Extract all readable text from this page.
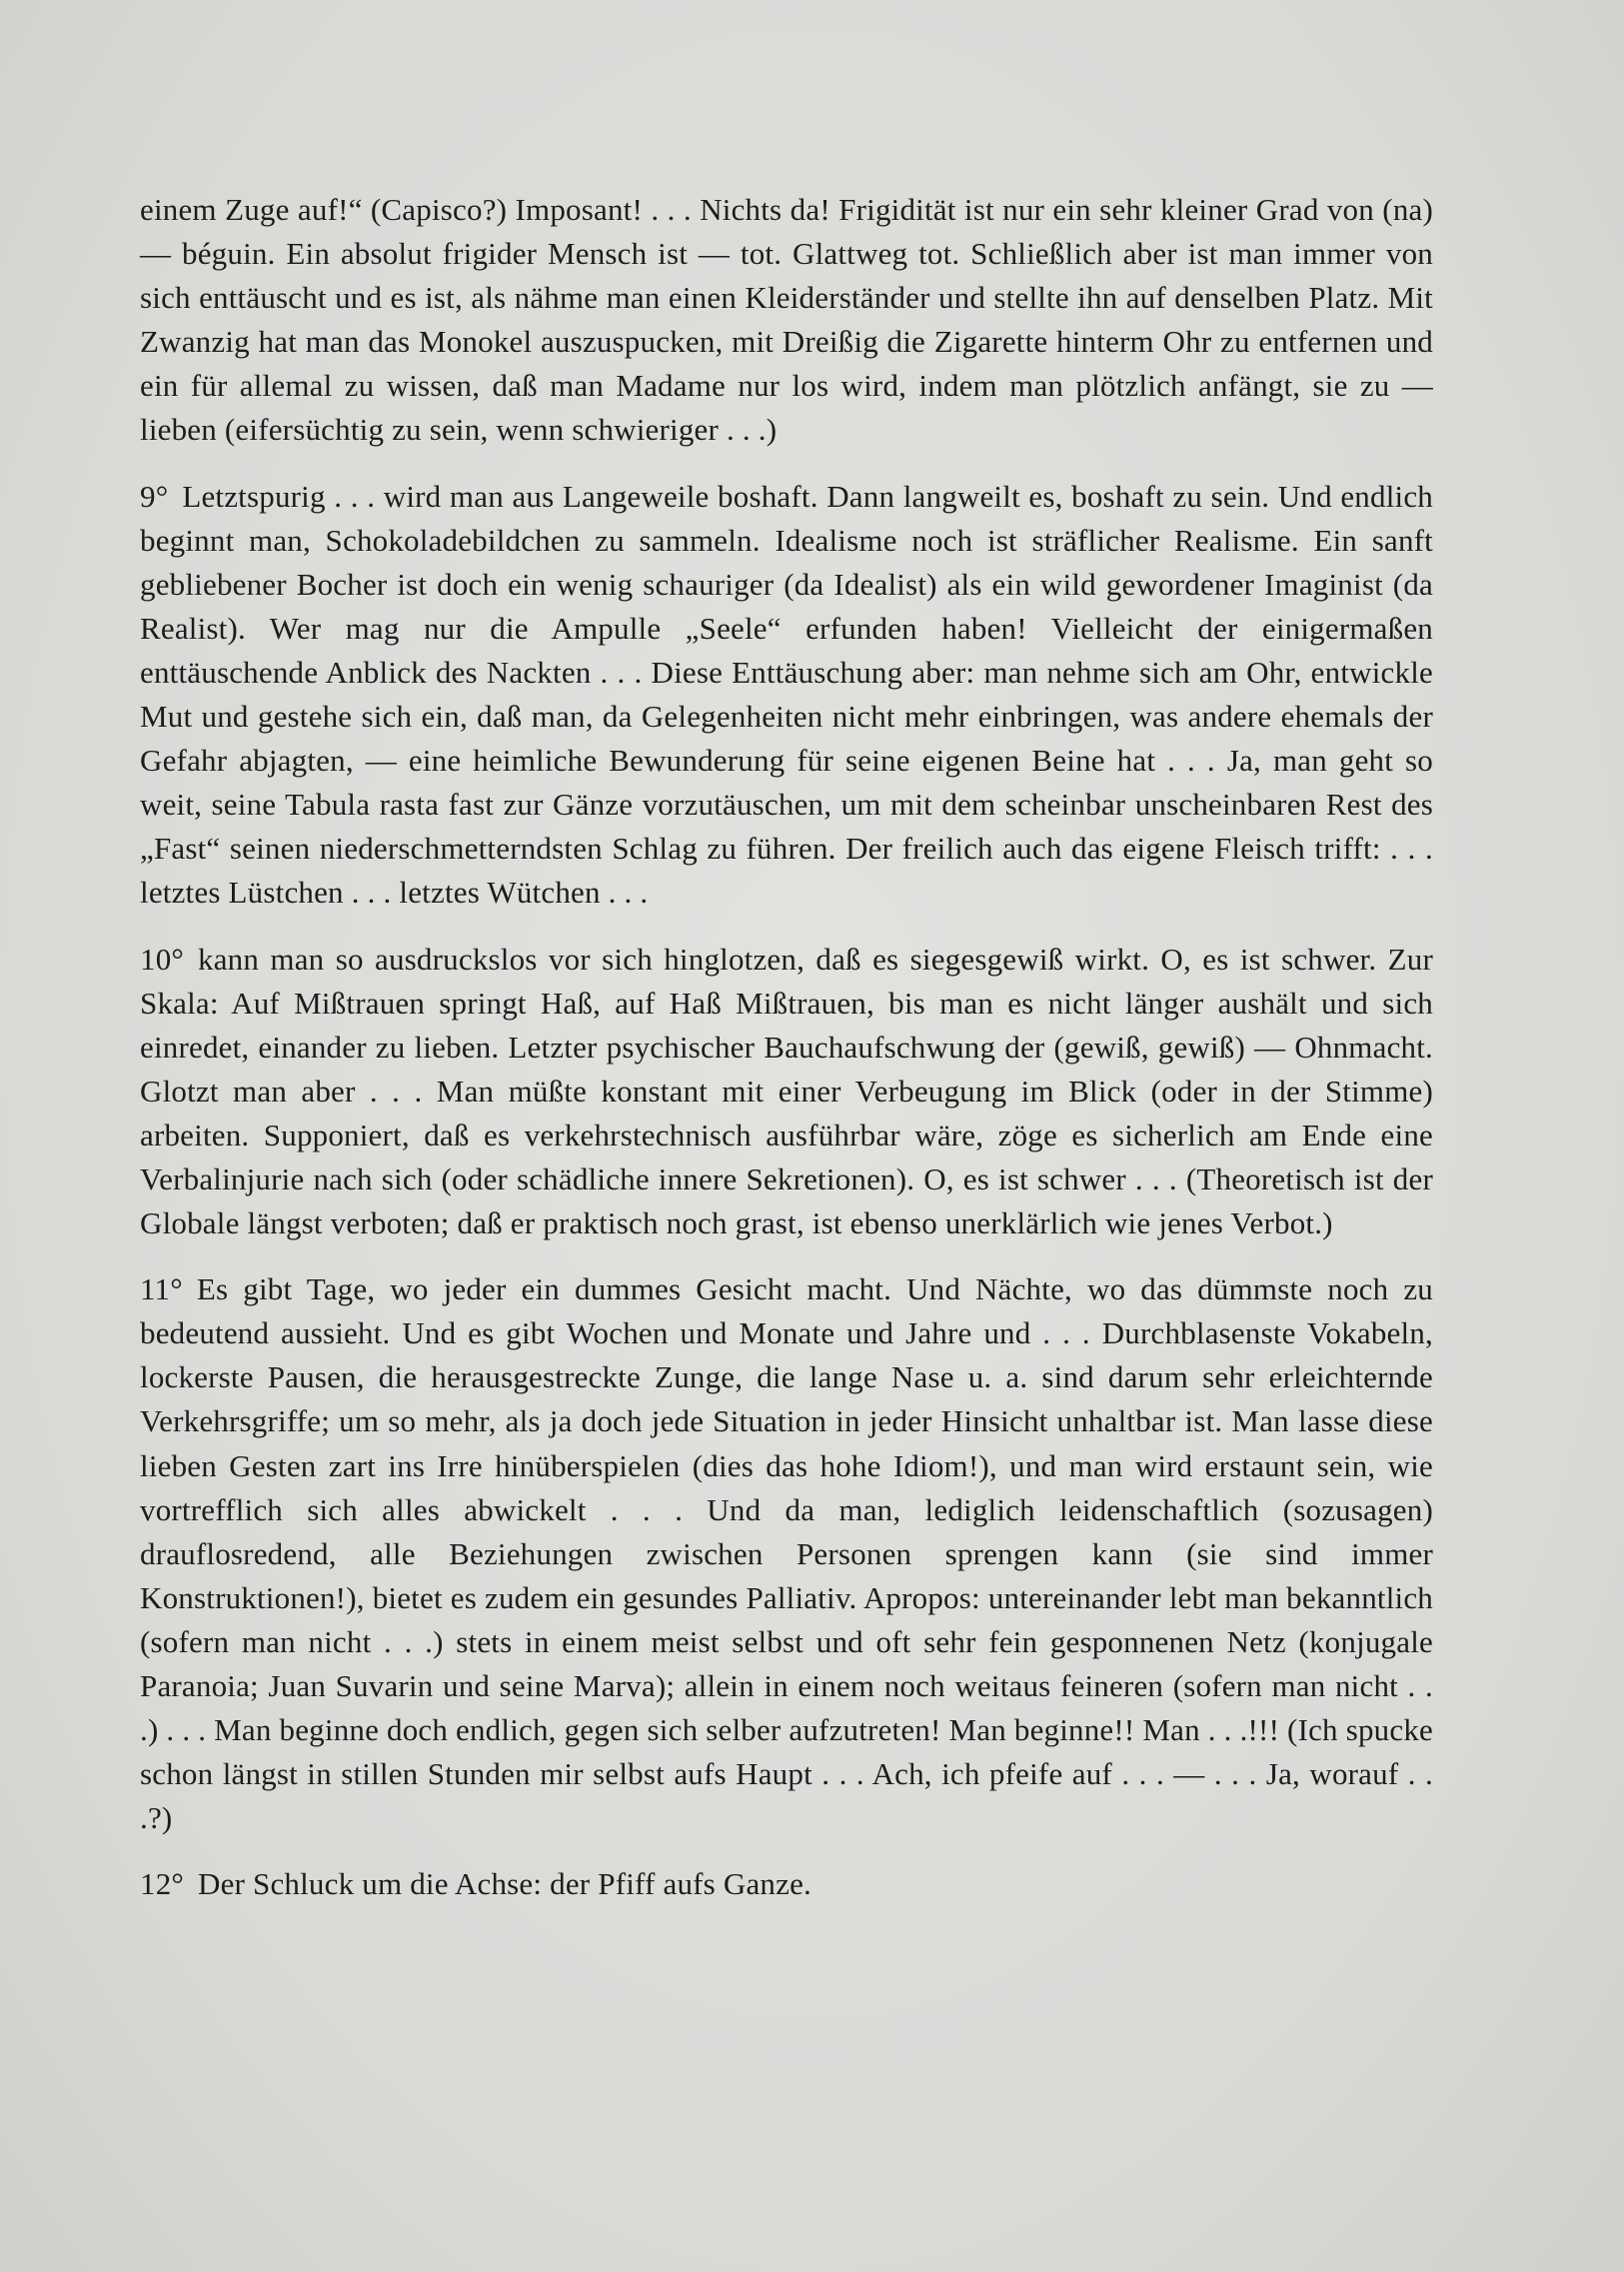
einem Zuge auf!“ (Capisco?) Imposant! . . . Nichts da! Frigidität ist nur ein sehr kleiner Grad von (na) — béguin. Ein absolut frigider Mensch ist — tot. Glattweg tot. Schließlich aber ist man immer von sich enttäuscht und es ist, als nähme man einen Kleiderständer und stellte ihn auf denselben Platz. Mit Zwanzig hat man das Monokel auszuspucken, mit Dreißig die Zigarette hinterm Ohr zu entfernen und ein für allemal zu wissen, daß man Madame nur los wird, indem man plötzlich anfängt, sie zu — lieben (eifersüchtig zu sein, wenn schwieriger . . .)

9° Letztspurig . . . wird man aus Langeweile boshaft. Dann langweilt es, boshaft zu sein. Und endlich beginnt man, Schokoladebildchen zu sammeln. Idealisme noch ist sträflicher Realisme. Ein sanft gebliebener Bocher ist doch ein wenig schauriger (da Idealist) als ein wild gewordener Imaginist (da Realist). Wer mag nur die Ampulle „Seele“ erfunden haben! Vielleicht der einigermaßen enttäuschende Anblick des Nackten . . . Diese Enttäuschung aber: man nehme sich am Ohr, entwickle Mut und gestehe sich ein, daß man, da Gelegenheiten nicht mehr einbringen, was andere ehemals der Gefahr abjagten, — eine heimliche Bewunderung für seine eigenen Beine hat . . . Ja, man geht so weit, seine Tabula rasta fast zur Gänze vorzutäuschen, um mit dem scheinbar unscheinbaren Rest des „Fast“ seinen niederschmetterndsten Schlag zu führen. Der freilich auch das eigene Fleisch trifft: . . . letztes Lüstchen . . . letztes Wütchen . . .

10° kann man so ausdruckslos vor sich hinglotzen, daß es siegesgewiß wirkt. O, es ist schwer. Zur Skala: Auf Mißtrauen springt Haß, auf Haß Mißtrauen, bis man es nicht länger aushält und sich einredet, einander zu lieben. Letzter psychischer Bauchaufschwung der (gewiß, gewiß) — Ohnmacht. Glotzt man aber . . . Man müßte konstant mit einer Verbeugung im Blick (oder in der Stimme) arbeiten. Supponiert, daß es verkehrstechnisch ausführbar wäre, zöge es sicherlich am Ende eine Verbalinjurie nach sich (oder schädliche innere Sekretionen). O, es ist schwer . . . (Theoretisch ist der Globale längst verboten; daß er praktisch noch grast, ist ebenso unerklärlich wie jenes Verbot.)

11° Es gibt Tage, wo jeder ein dummes Gesicht macht. Und Nächte, wo das dümmste noch zu bedeutend aussieht. Und es gibt Wochen und Monate und Jahre und . . . Durchblasenste Vokabeln, lockerste Pausen, die herausgestreckte Zunge, die lange Nase u. a. sind darum sehr erleichternde Verkehrsgriffe; um so mehr, als ja doch jede Situation in jeder Hinsicht unhaltbar ist. Man lasse diese lieben Gesten zart ins Irre hinüberspielen (dies das hohe Idiom!), und man wird erstaunt sein, wie vortrefflich sich alles abwickelt . . . Und da man, lediglich leidenschaftlich (sozusagen) drauflosredend, alle Beziehungen zwischen Personen sprengen kann (sie sind immer Konstruktionen!), bietet es zudem ein gesundes Palliativ. Apropos: untereinander lebt man bekanntlich (sofern man nicht . . .) stets in einem meist selbst und oft sehr fein gesponnenen Netz (konjugale Paranoia; Juan Suvarin und seine Marva); allein in einem noch weitaus feineren (sofern man nicht . . .) . . . Man beginne doch endlich, gegen sich selber aufzutreten! Man beginne!! Man . . .!!! (Ich spucke schon längst in stillen Stunden mir selbst aufs Haupt . . . Ach, ich pfeife auf . . . — . . . Ja, worauf . . .?)

12° Der Schluck um die Achse: der Pfiff aufs Ganze.
